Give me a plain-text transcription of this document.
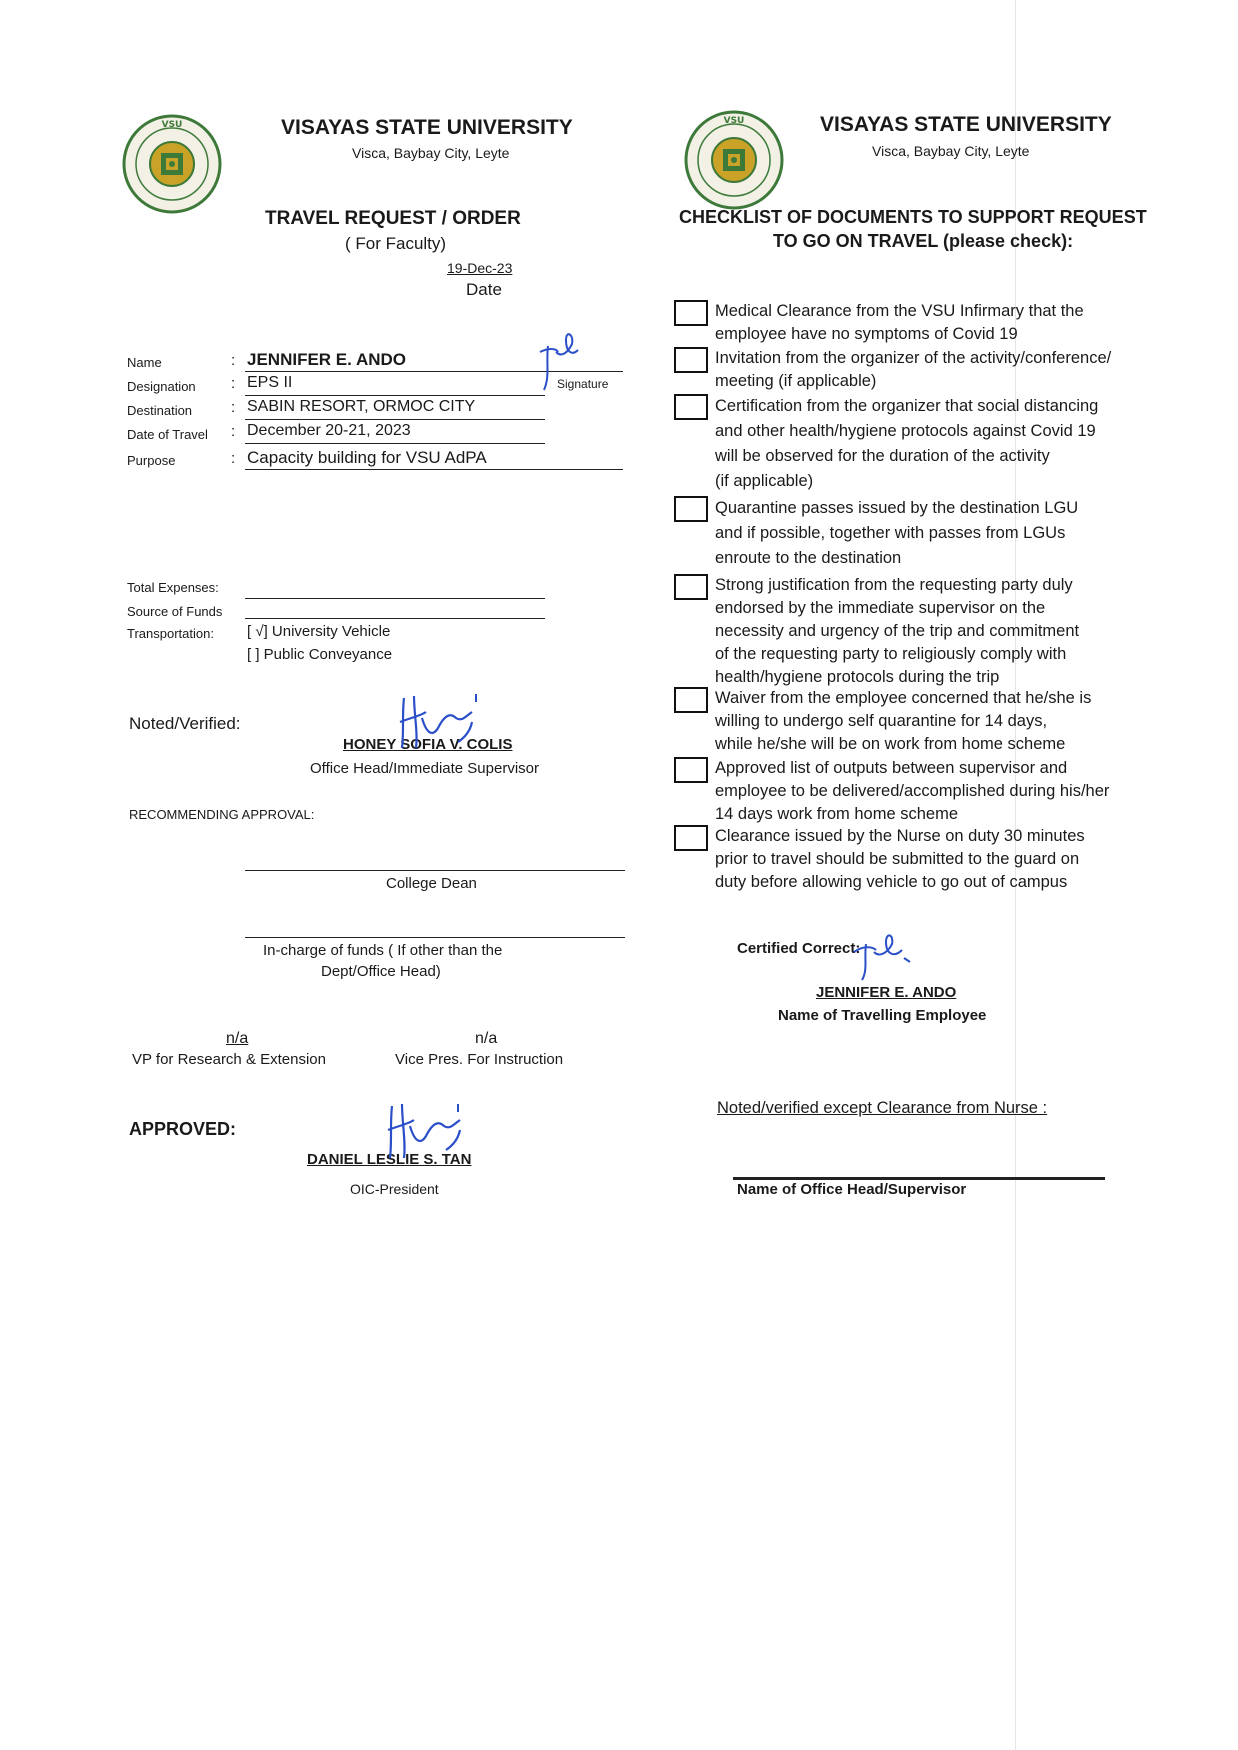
VSU	VISAYAS STATE UNIVERSITY
Visca, Baybay City, Leyte
TRAVEL REQUEST / ORDER
( For Faculty)
19-Dec-23
Date
Name	: JENNIFER E. ANDO
Signature
Designation : EPS II
Destination	: SABIN RESORT, ORMOC CITY
Date of Travel : December 20-21, 2023
Purpose	: Capacity building for VSU AdPA
Total Expenses:
Source of Funds
Transportation: [ √] University Vehicle
[ ] Public Conveyance
Noted/Verified:
HONEY SOFIA V. COLIS
Office Head/Immediate Supervisor
RECOMMENDING APPROVAL:
College Dean
In-charge of funds ( If other than the
Dept/Office Head)
n/a
VP for Research & Extension
n/a
Vice Pres. For Instruction
APPROVED:
DANIEL LESLIE S. TAN
OIC-President
VSU	VISAYAS STATE UNIVERSITY
Visca, Baybay City, Leyte
CHECKLIST OF DOCUMENTS TO SUPPORT REQUEST
TO GO ON TRAVEL (please check):
Medical Clearance from the VSU Infirmary that the
employee have no symptoms of Covid 19
Invitation from the organizer of the activity/conference/
meeting (if applicable)
Certification from the organizer that social distancing
and other health/hygiene protocols against Covid 19
will be observed for the duration of the activity
(if applicable)
Quarantine passes issued by the destination LGU
and if possible, together with passes from LGUs
enroute to the destination
Strong justification from the requesting party duly
endorsed by the immediate supervisor on the
necessity and urgency of the trip and commitment
of the requesting party to religiously comply with
health/hygiene protocols during the trip
Waiver from the employee concerned that he/she is
willing to undergo self quarantine for 14 days,
while he/she will be on work from home scheme
Approved list of outputs between supervisor and
employee to be delivered/accomplished during his/her
14 days work from home scheme
Clearance issued by the Nurse on duty 30 minutes
prior to travel should be submitted to the guard on
duty before allowing vehicle to go out of campus
Certified Correct:
JENNIFER E. ANDO
Name of Travelling Employee
Noted/verified except Clearance from Nurse :
Name of Office Head/Supervisor
